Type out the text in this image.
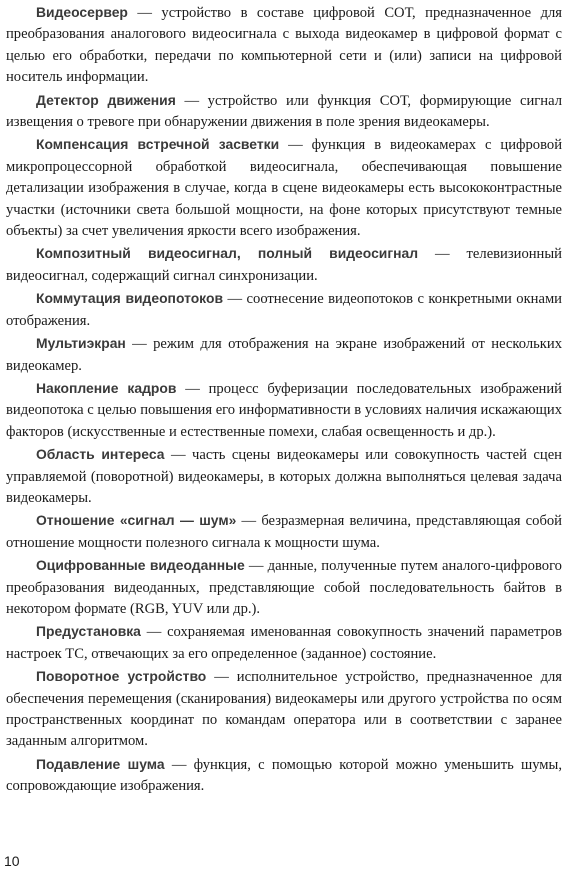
Видеосервер — устройство в составе цифровой СОТ, предназначенное для преобразования аналогового видеосигнала с выхода видеокамер в цифровой формат с целью его обработки, передачи по компьютерной сети и (или) записи на цифровой носитель информации.

Детектор движения — устройство или функция СОТ, формирующие сигнал извещения о тревоге при обнаружении движения в поле зрения видеокамеры.

Компенсация встречной засветки — функция в видеокамерах с цифровой микропроцессорной обработкой видеосигнала, обеспечивающая повышение детализации изображения в случае, когда в сцене видеокамеры есть высококонтрастные участки (источники света большой мощности, на фоне которых присутствуют темные объекты) за счет увеличения яркости всего изображения.

Композитный видеосигнал, полный видеосигнал — телевизионный видеосигнал, содержащий сигнал синхронизации.

Коммутация видеопотоков — соотнесение видеопотоков с конкретными окнами отображения.

Мультиэкран — режим для отображения на экране изображений от нескольких видеокамер.

Накопление кадров — процесс буферизации последовательных изображений видеопотока с целью повышения его информативности в условиях наличия искажающих факторов (искусственные и естественные помехи, слабая освещенность и др.).

Область интереса — часть сцены видеокамеры или совокупность частей сцен управляемой (поворотной) видеокамеры, в которых должна выполняться целевая задача видеокамеры.

Отношение «сигнал — шум» — безразмерная величина, представляющая собой отношение мощности полезного сигнала к мощности шума.

Оцифрованные видеоданные — данные, полученные путем аналого-цифрового преобразования видеоданных, представляющие собой последовательность байтов в некотором формате (RGB, YUV или др.).

Предустановка — сохраняемая именованная совокупность значений параметров настроек ТС, отвечающих за его определенное (заданное) состояние.

Поворотное устройство — исполнительное устройство, предназначенное для обеспечения перемещения (сканирования) видеокамеры или другого устройства по осям пространственных координат по командам оператора или в соответствии с заранее заданным алгоритмом.

Подавление шума — функция, с помощью которой можно уменьшить шумы, сопровождающие изображения.

10
